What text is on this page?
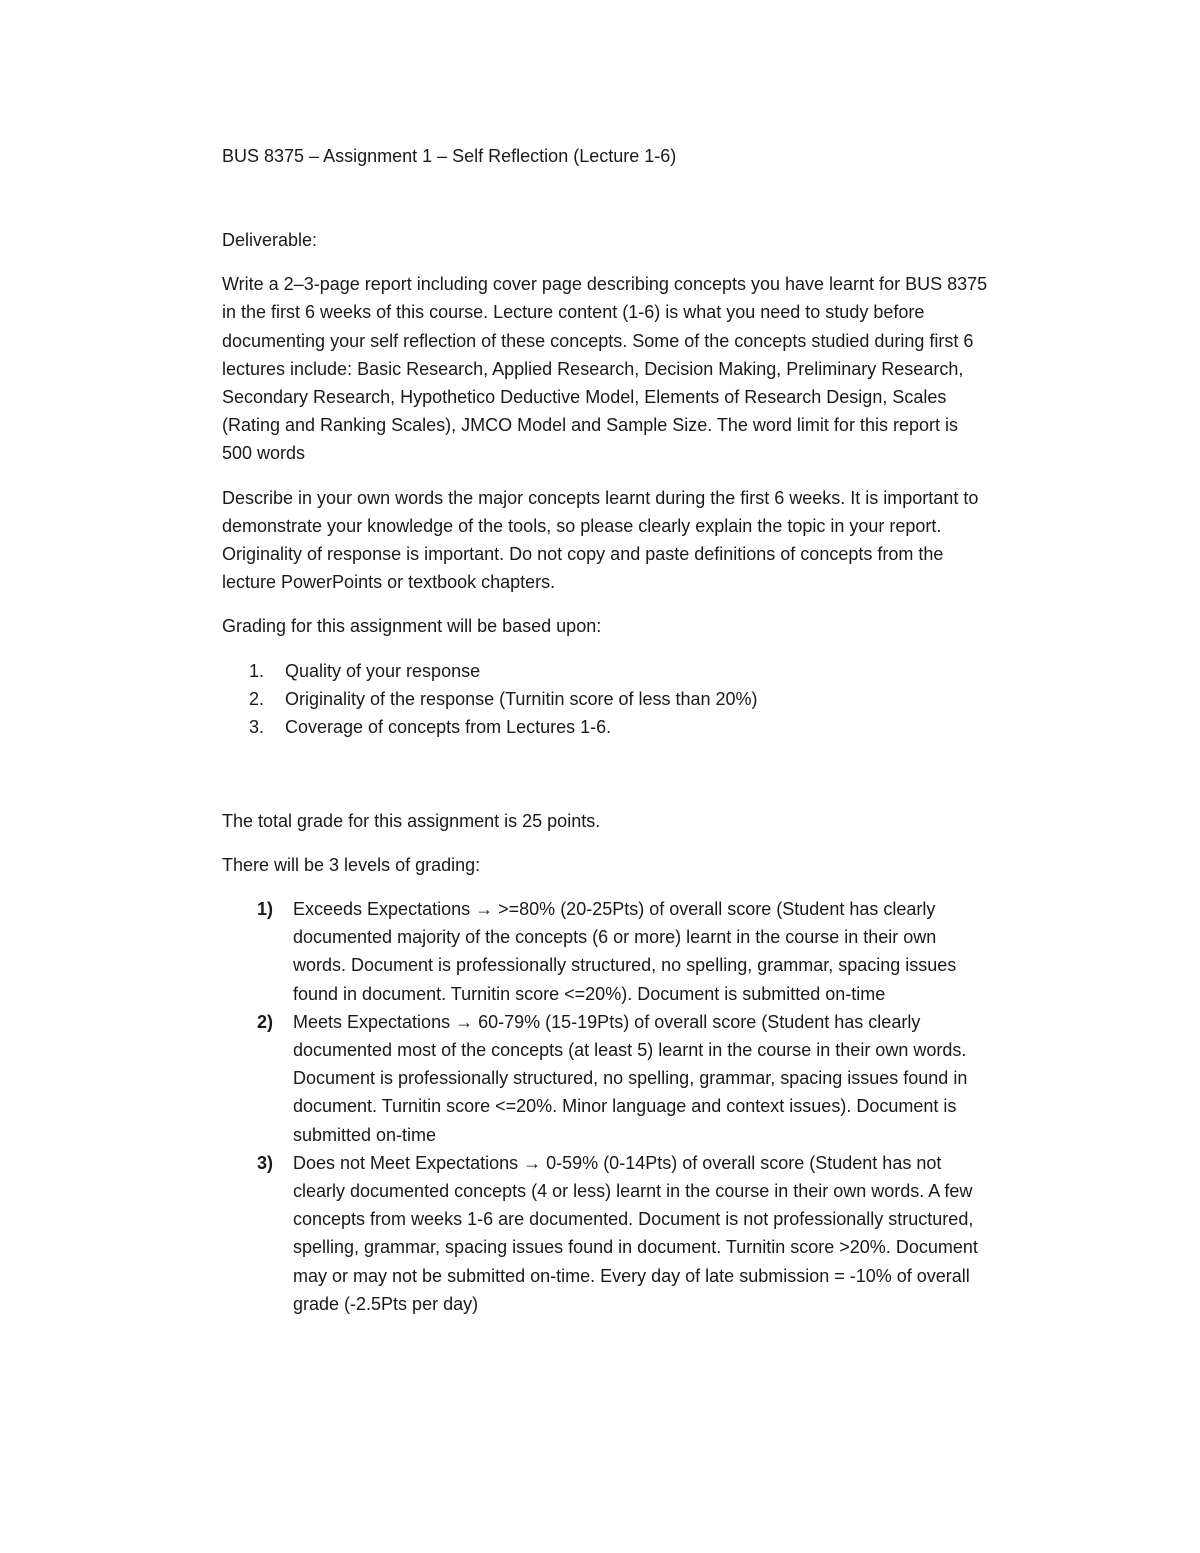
BUS 8375 – Assignment 1 – Self Reflection (Lecture 1-6)

Deliverable:

Write a 2–3-page report including cover page describing concepts you have learnt for BUS 8375 in the first 6 weeks of this course. Lecture content (1-6) is what you need to study before documenting your self reflection of these concepts. Some of the concepts studied during first 6 lectures include: Basic Research, Applied Research, Decision Making, Preliminary Research, Secondary Research, Hypothetico Deductive Model, Elements of Research Design, Scales (Rating and Ranking Scales), JMCO Model and Sample Size. The word limit for this report is 500 words

Describe in your own words the major concepts learnt during the first 6 weeks. It is important to demonstrate your knowledge of the tools, so please clearly explain the topic in your report. Originality of response is important. Do not copy and paste definitions of concepts from the lecture PowerPoints or textbook chapters.

Grading for this assignment will be based upon:

1. Quality of your response
2. Originality of the response (Turnitin score of less than 20%)
3. Coverage of concepts from Lectures 1-6.

The total grade for this assignment is 25 points.

There will be 3 levels of grading:

1) Exceeds Expectations → >=80% (20-25Pts) of overall score (Student has clearly documented majority of the concepts (6 or more) learnt in the course in their own words. Document is professionally structured, no spelling, grammar, spacing issues found in document. Turnitin score <=20%). Document is submitted on-time
2) Meets Expectations → 60-79% (15-19Pts) of overall score (Student has clearly documented most of the concepts (at least 5) learnt in the course in their own words. Document is professionally structured, no spelling, grammar, spacing issues found in document. Turnitin score <=20%. Minor language and context issues). Document is submitted on-time
3) Does not Meet Expectations → 0-59% (0-14Pts) of overall score (Student has not clearly documented concepts (4 or less) learnt in the course in their own words. A few concepts from weeks 1-6 are documented. Document is not professionally structured, spelling, grammar, spacing issues found in document. Turnitin score >20%. Document may or may not be submitted on-time. Every day of late submission = -10% of overall grade (-2.5Pts per day)
